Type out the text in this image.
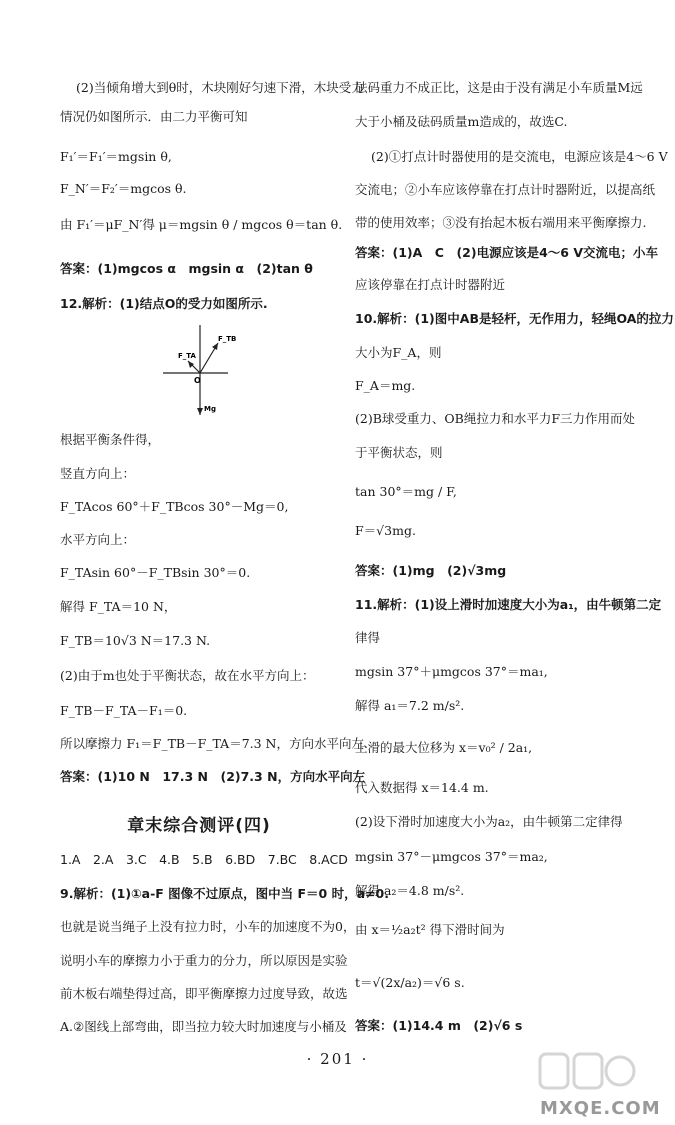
(2)当倾角增大到θ时，木块刚好匀速下滑，木块受力
情况仍如图所示．由二力平衡可知
F₁′＝F₁′＝mgsin θ,
F_N′＝F₂′＝mgcos θ.
由 F₁′＝μF_N′得 μ＝mgsin θ / mgcos θ＝tan θ.
答案：(1)mgcos α　mgsin α　(2)tan θ
12.解析：(1)结点O的受力如图所示.
根据平衡条件得，
竖直方向上：
F_TAcos 60°＋F_TBcos 30°－Mg＝0,
水平方向上：
F_TAsin 60°－F_TBsin 30°＝0.
解得 F_TA＝10 N，
F_TB＝10√3 N＝17.3 N.
(2)由于m也处于平衡状态，故在水平方向上：
F_TB－F_TA－F₁＝0.
所以摩擦力 F₁＝F_TB－F_TA＝7.3 N，方向水平向左.
答案：(1)10 N　17.3 N　(2)7.3 N，方向水平向左
1.A　2.A　3.C　4.B　5.B　6.BD　7.BC　8.ACD
9.解析：(1)①a-F 图像不过原点，图中当 F＝0 时，a≠0.
也就是说当绳子上没有拉力时，小车的加速度不为0，
说明小车的摩擦力小于重力的分力，所以原因是实验
前木板右端垫得过高，即平衡摩擦力过度导致，故选
A.②图线上部弯曲，即当拉力较大时加速度与小桶及
砝码重力不成正比，这是由于没有满足小车质量M远
大于小桶及砝码质量m造成的，故选C.
(2)①打点计时器使用的是交流电，电源应该是4～6 V
交流电；②小车应该停靠在打点计时器附近，以提高纸
带的使用效率；③没有抬起木板右端用来平衡摩擦力.
答案：(1)A　C　(2)电源应该是4～6 V交流电；小车
应该停靠在打点计时器附近
10.解析：(1)图中AB是轻杆，无作用力，轻绳OA的拉力
大小为F_A，则
F_A＝mg.
(2)B球受重力、OB绳拉力和水平力F三力作用而处
于平衡状态，则
tan 30°＝mg / F,
F＝√3mg.
答案：(1)mg　(2)√3mg
11.解析：(1)设上滑时加速度大小为a₁，由牛顿第二定
律得
mgsin 37°＋μmgcos 37°＝ma₁,
解得 a₁＝7.2 m/s².
上滑的最大位移为 x＝v₀² / 2a₁,
代入数据得 x＝14.4 m.
(2)设下滑时加速度大小为a₂，由牛顿第二定律得
mgsin 37°－μmgcos 37°＝ma₂,
解得 a₂＝4.8 m/s².
由 x＝½a₂t² 得下滑时间为
t＝√(2x/a₂)＝√6 s.
答案：(1)14.4 m　(2)√6 s
F_TB
F_TA
O
Mg
章末综合测评(四)
· 201 ·
MXQE.COM
